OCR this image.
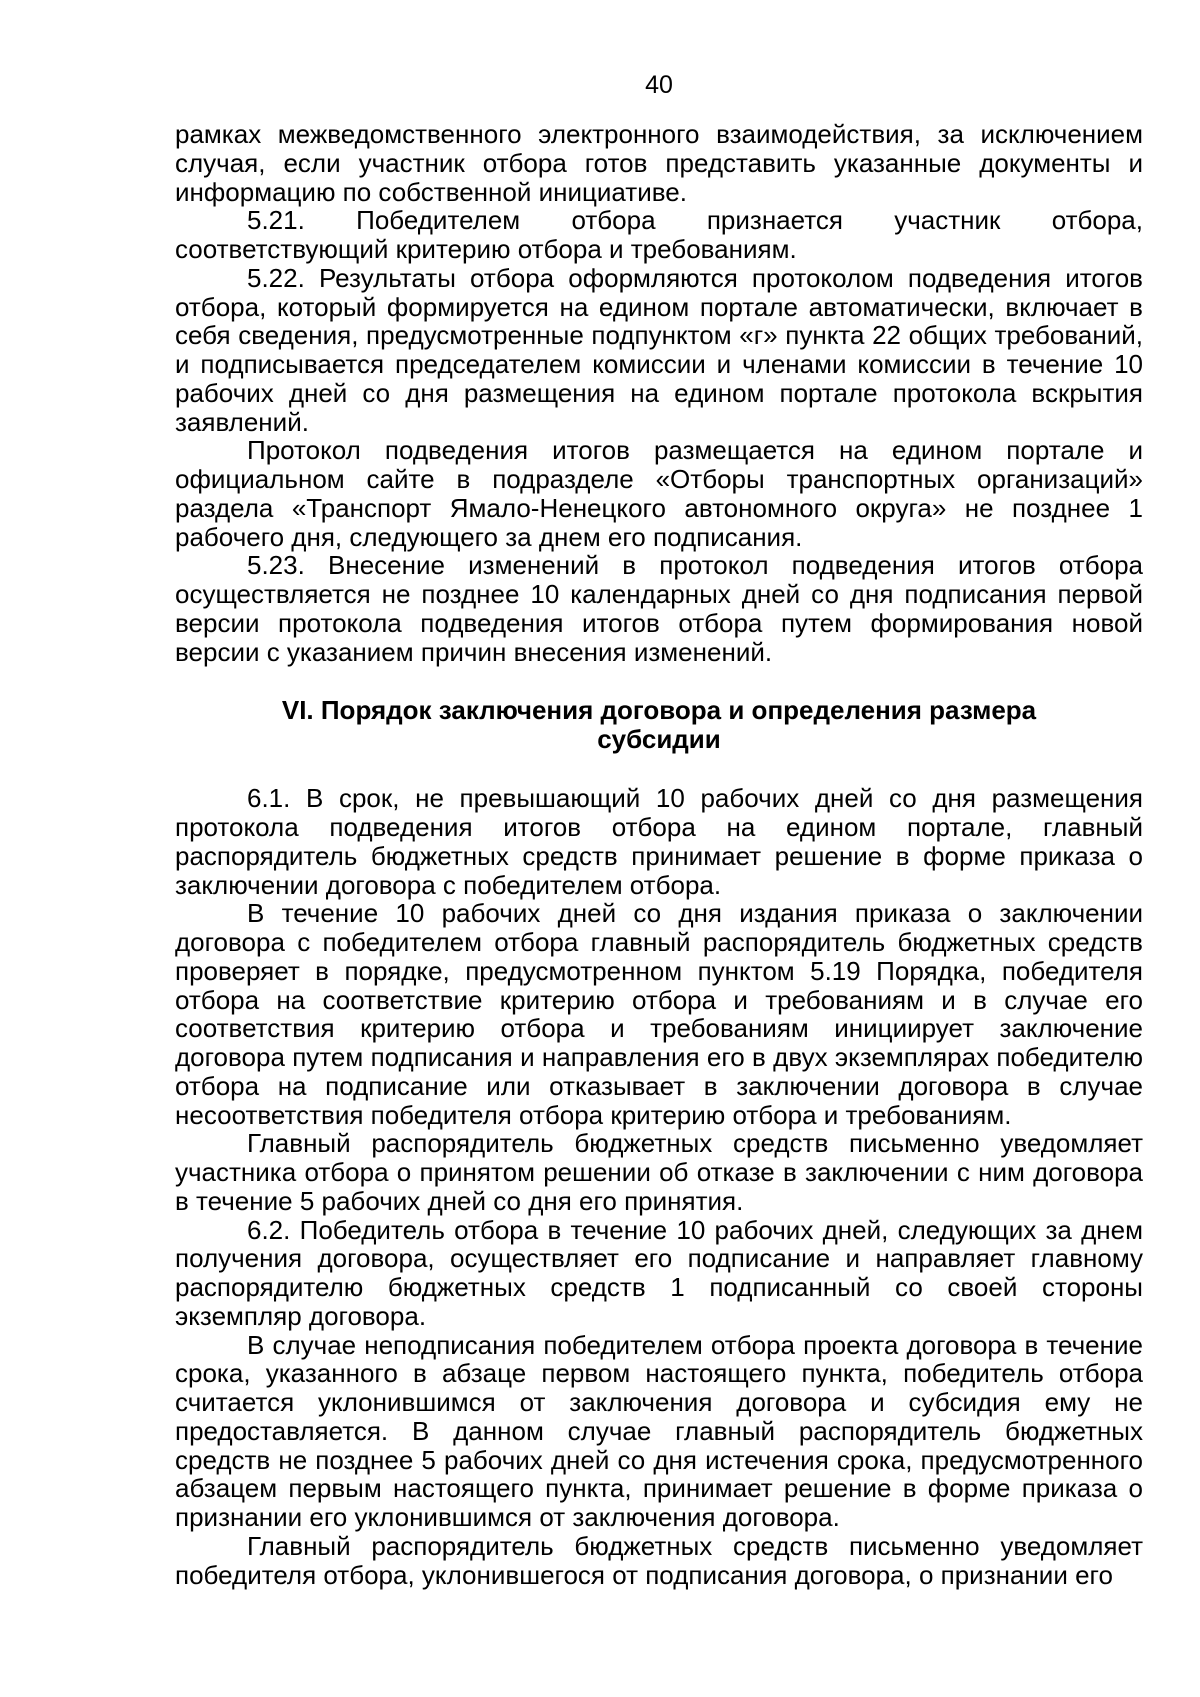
40

рамках межведомственного электронного взаимодействия, за исключением случая, если участник отбора готов представить указанные документы и информацию по собственной инициативе.

5.21. Победителем отбора признается участник отбора, соответствующий критерию отбора и требованиям.

5.22. Результаты отбора оформляются протоколом подведения итогов отбора, который формируется на едином портале автоматически, включает в себя сведения, предусмотренные подпунктом «г» пункта 22 общих требований, и подписывается председателем комиссии и членами комиссии в течение 10 рабочих дней со дня размещения на едином портале протокола вскрытия заявлений.

Протокол подведения итогов размещается на едином портале и официальном сайте в подразделе «Отборы транспортных организаций» раздела «Транспорт Ямало-Ненецкого автономного округа» не позднее 1 рабочего дня, следующего за днем его подписания.

5.23. Внесение изменений в протокол подведения итогов отбора осуществляется не позднее 10 календарных дней со дня подписания первой версии протокола подведения итогов отбора путем формирования новой версии с указанием причин внесения изменений.

VI. Порядок заключения договора и определения размера
субсидии

6.1. В срок, не превышающий 10 рабочих дней со дня размещения протокола подведения итогов отбора на едином портале, главный распорядитель бюджетных средств принимает решение в форме приказа о заключении договора с победителем отбора.

В течение 10 рабочих дней со дня издания приказа о заключении договора с победителем отбора главный распорядитель бюджетных средств проверяет в порядке, предусмотренном пунктом 5.19 Порядка, победителя отбора на соответствие критерию отбора и требованиям и в случае его соответствия критерию отбора и требованиям инициирует заключение договора путем подписания и направления его в двух экземплярах победителю отбора на подписание или отказывает в заключении договора в случае несоответствия победителя отбора критерию отбора и требованиям.

Главный распорядитель бюджетных средств письменно уведомляет участника отбора о принятом решении об отказе в заключении с ним договора в течение 5 рабочих дней со дня его принятия.

6.2. Победитель отбора в течение 10 рабочих дней, следующих за днем получения договора, осуществляет его подписание и направляет главному распорядителю бюджетных средств 1 подписанный со своей стороны экземпляр договора.

В случае неподписания победителем отбора проекта договора в течение срока, указанного в абзаце первом настоящего пункта, победитель отбора считается уклонившимся от заключения договора и субсидия ему не предоставляется. В данном случае главный распорядитель бюджетных средств не позднее 5 рабочих дней со дня истечения срока, предусмотренного абзацем первым настоящего пункта, принимает решение в форме приказа о признании его уклонившимся от заключения договора.

Главный распорядитель бюджетных средств письменно уведомляет победителя отбора, уклонившегося от подписания договора, о признании его
